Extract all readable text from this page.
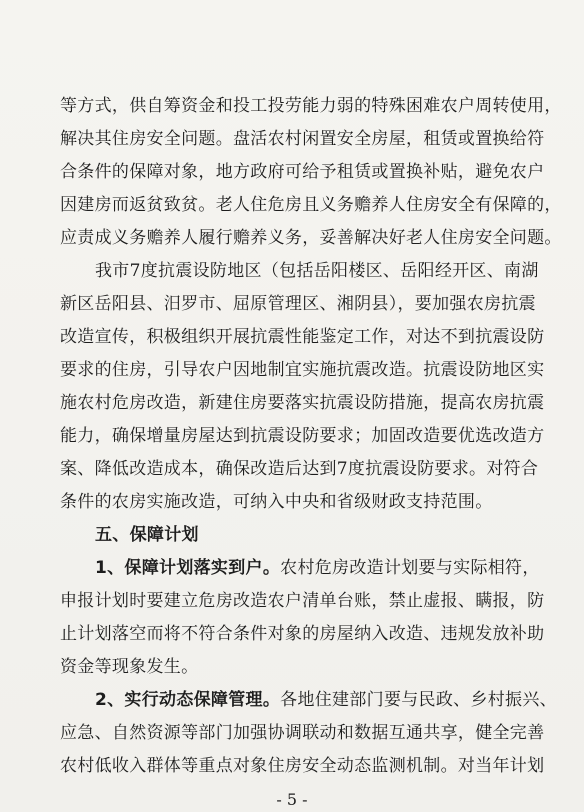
等方式，供自筹资金和投工投劳能力弱的特殊困难农户周转使用，
解决其住房安全问题。盘活农村闲置安全房屋，租赁或置换给符
合条件的保障对象，地方政府可给予租赁或置换补贴，避免农户
因建房而返贫致贫。老人住危房且义务赡养人住房安全有保障的，
应责成义务赡养人履行赡养义务，妥善解决好老人住房安全问题。
我市7度抗震设防地区（包括岳阳楼区、岳阳经开区、南湖
新区岳阳县、汨罗市、屈原管理区、湘阴县），要加强农房抗震
改造宣传，积极组织开展抗震性能鉴定工作，对达不到抗震设防
要求的住房，引导农户因地制宜实施抗震改造。抗震设防地区实
施农村危房改造，新建住房要落实抗震设防措施，提高农房抗震
能力，确保增量房屋达到抗震设防要求；加固改造要优选改造方
案、降低改造成本，确保改造后达到7度抗震设防要求。对符合
条件的农房实施改造，可纳入中央和省级财政支持范围。
五、保障计划
1、保障计划落实到户。农村危房改造计划要与实际相符，
申报计划时要建立危房改造农户清单台账，禁止虚报、瞒报，防
止计划落空而将不符合条件对象的房屋纳入改造、违规发放补助
资金等现象发生。
2、实行动态保障管理。各地住建部门要与民政、乡村振兴、
应急、自然资源等部门加强协调联动和数据互通共享，健全完善
农村低收入群体等重点对象住房安全动态监测机制。对当年计划
- 5 -
